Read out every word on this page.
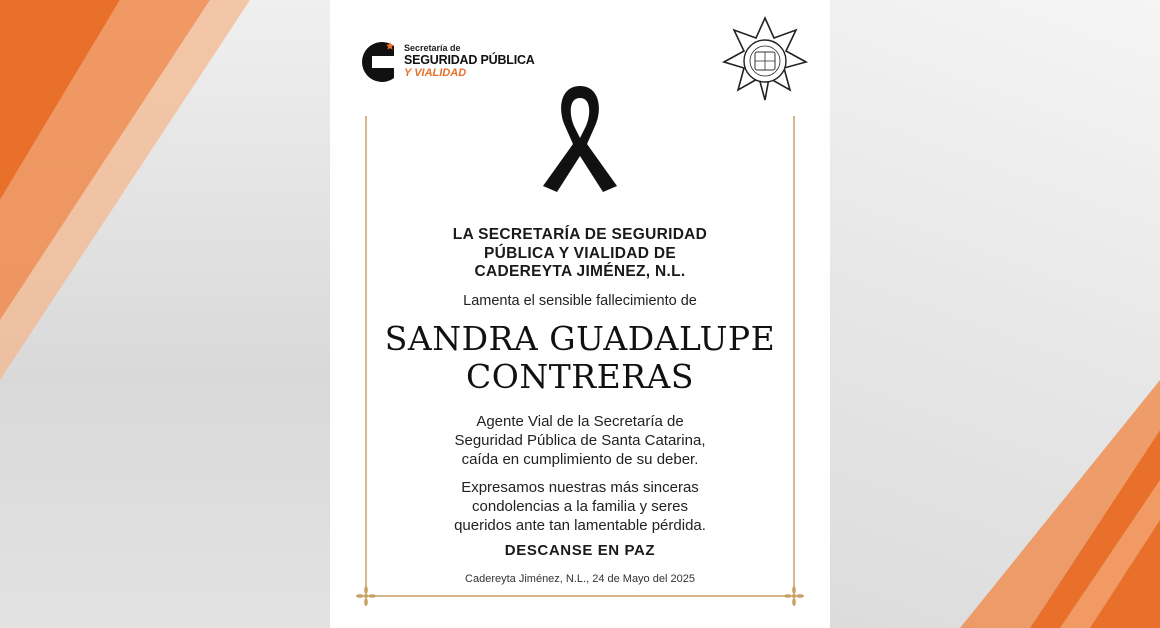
Secretaría de
SEGURIDAD PÚBLICA
Y VIALIDAD
LA SECRETARÍA DE SEGURIDAD
PÚBLICA Y VIALIDAD DE
CADEREYTA JIMÉNEZ, N.L.
Lamenta el sensible fallecimiento de
SANDRA GUADALUPE
CONTRERAS
Agente Vial de la Secretaría de
Seguridad Pública de Santa Catarina,
caída en cumplimiento de su deber.
Expresamos nuestras más sinceras
condolencias a la familia y seres
queridos ante tan lamentable pérdida.
DESCANSE EN PAZ
Cadereyta Jiménez, N.L., 24 de Mayo del 2025
